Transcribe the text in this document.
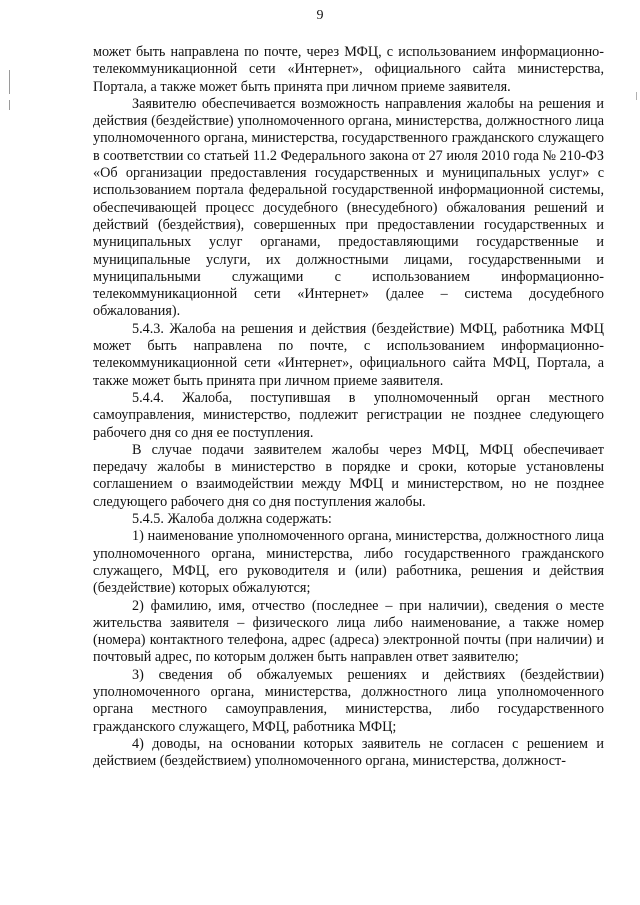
9

может быть направлена по почте, через МФЦ, с использованием информационно-телекоммуникационной сети «Интернет», официального сайта министерства, Портала, а также может быть принята при личном приеме заявителя.

Заявителю обеспечивается возможность направления жалобы на решения и действия (бездействие) уполномоченного органа, министерства, должностного лица уполномоченного органа, министерства, государственного гражданского служащего в соответствии со статьей 11.2 Федерального закона от 27 июля 2010 года № 210-ФЗ «Об организации предоставления государственных и муниципальных услуг» с использованием портала федеральной государственной информационной системы, обеспечивающей процесс досудебного (внесудебного) обжалования решений и действий (бездействия), совершенных при предоставлении государственных и муниципальных услуг органами, предоставляющими государственные и муниципальные услуги, их должностными лицами, государственными и муниципальными служащими с использованием информационно-телекоммуникационной сети «Интернет» (далее – система досудебного обжалования).

5.4.3. Жалоба на решения и действия (бездействие) МФЦ, работника МФЦ может быть направлена по почте, с использованием информационно-телекоммуникационной сети «Интернет», официального сайта МФЦ, Портала, а также может быть принята при личном приеме заявителя.

5.4.4. Жалоба, поступившая в уполномоченный орган местного самоуправления, министерство, подлежит регистрации не позднее следующего рабочего дня со дня ее поступления.

В случае подачи заявителем жалобы через МФЦ, МФЦ обеспечивает передачу жалобы в министерство в порядке и сроки, которые установлены соглашением о взаимодействии между МФЦ и министерством, но не позднее следующего рабочего дня со дня поступления жалобы.

5.4.5. Жалоба должна содержать:

1) наименование уполномоченного органа, министерства, должностного лица уполномоченного органа, министерства, либо государственного гражданского служащего, МФЦ, его руководителя и (или) работника, решения и действия (бездействие) которых обжалуются;

2) фамилию, имя, отчество (последнее – при наличии), сведения о месте жительства заявителя – физического лица либо наименование, а также номер (номера) контактного телефона, адрес (адреса) электронной почты (при наличии) и почтовый адрес, по которым должен быть направлен ответ заявителю;

3) сведения об обжалуемых решениях и действиях (бездействии) уполномоченного органа, министерства, должностного лица уполномоченного органа местного самоуправления, министерства, либо государственного гражданского служащего, МФЦ, работника МФЦ;

4) доводы, на основании которых заявитель не согласен с решением и действием (бездействием) уполномоченного органа, министерства, должност-
